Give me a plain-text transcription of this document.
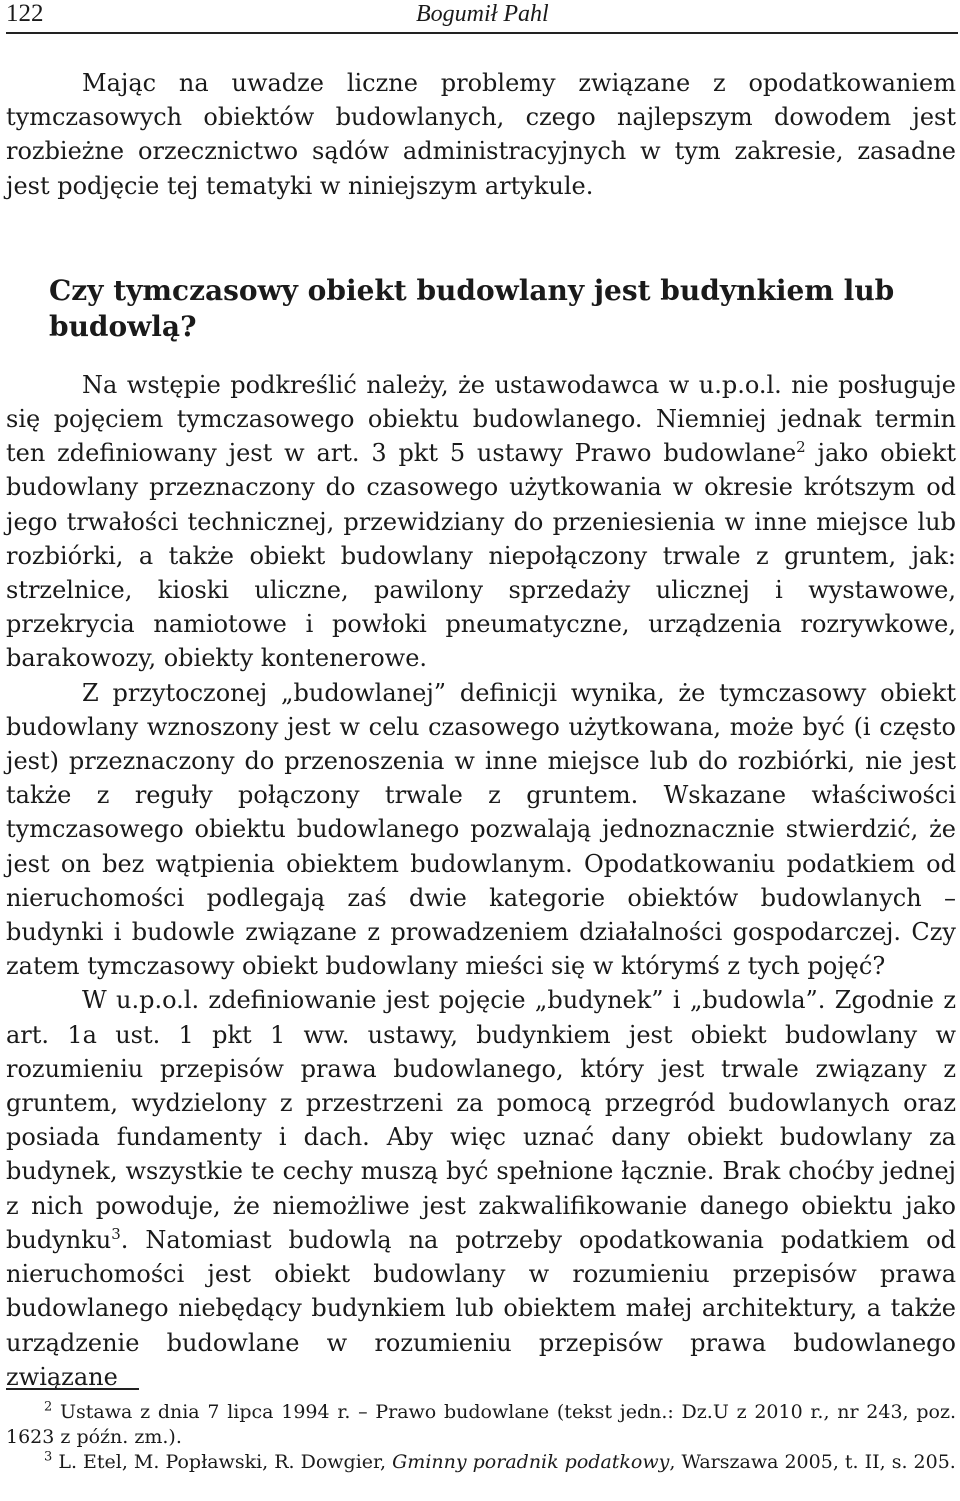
122	Bogumił Pahl

Mając na uwadze liczne problemy związane z opodatkowaniem tymczasowych obiektów budowlanych, czego najlepszym dowodem jest rozbieżne orzecznictwo sądów administracyjnych w tym zakresie, zasadne jest podjęcie tej tematyki w niniejszym artykule.

Czy tymczasowy obiekt budowlany jest budynkiem lub budowlą?

Na wstępie podkreślić należy, że ustawodawca w u.p.o.l. nie posługuje się pojęciem tymczasowego obiektu budowlanego. Niemniej jednak termin ten zdefiniowany jest w art. 3 pkt 5 ustawy Prawo budowlane$^2$ jako obiekt budowlany przeznaczony do czasowego użytkowania w okresie krótszym od jego trwałości technicznej, przewidziany do przeniesienia w inne miejsce lub rozbiórki, a także obiekt budowlany niepołączony trwale z gruntem, jak: strzelnice, kioski uliczne, pawilony sprzedaży ulicznej i wystawowe, przekrycia namiotowe i powłoki pneumatyczne, urządzenia rozrywkowe, barakowozy, obiekty kontenerowe.

Z przytoczonej „budowlanej” definicji wynika, że tymczasowy obiekt budowlany wznoszony jest w celu czasowego użytkowana, może być (i często jest) przeznaczony do przenoszenia w inne miejsce lub do rozbiórki, nie jest także z reguły połączony trwale z gruntem. Wskazane właściwości tymczasowego obiektu budowlanego pozwalają jednoznacznie stwierdzić, że jest on bez wątpienia obiektem budowlanym. Opodatkowaniu podatkiem od nieruchomości podlegają zaś dwie kategorie obiektów budowlanych – budynki i budowle związane z prowadzeniem działalności gospodarczej. Czy zatem tymczasowy obiekt budowlany mieści się w którymś z tych pojęć?

W u.p.o.l. zdefiniowanie jest pojęcie „budynek” i „budowla”. Zgodnie z art. 1a ust. 1 pkt 1 ww. ustawy, budynkiem jest obiekt budowlany w rozumieniu przepisów prawa budowlanego, który jest trwale związany z gruntem, wydzielony z przestrzeni za pomocą przegród budowlanych oraz posiada fundamenty i dach. Aby więc uznać dany obiekt budowlany za budynek, wszystkie te cechy muszą być spełnione łącznie. Brak choćby jednej z nich powoduje, że niemożliwe jest zakwalifikowanie danego obiektu jako budynku$^3$. Natomiast budowlą na potrzeby opodatkowania podatkiem od nieruchomości jest obiekt budowlany w rozumieniu przepisów prawa budowlanego niebędący budynkiem lub obiektem małej architektury, a także urządzenie budowlane w rozumieniu przepisów prawa budowlanego związane

$^2$ Ustawa z dnia 7 lipca 1994 r. – Prawo budowlane (tekst jedn.: Dz.U z 2010 r., nr 243, poz. 1623 z późn. zm.).

$^3$ L. Etel, M. Popławski, R. Dowgier, Gminny poradnik podatkowy, Warszawa 2005, t. II, s. 205.
